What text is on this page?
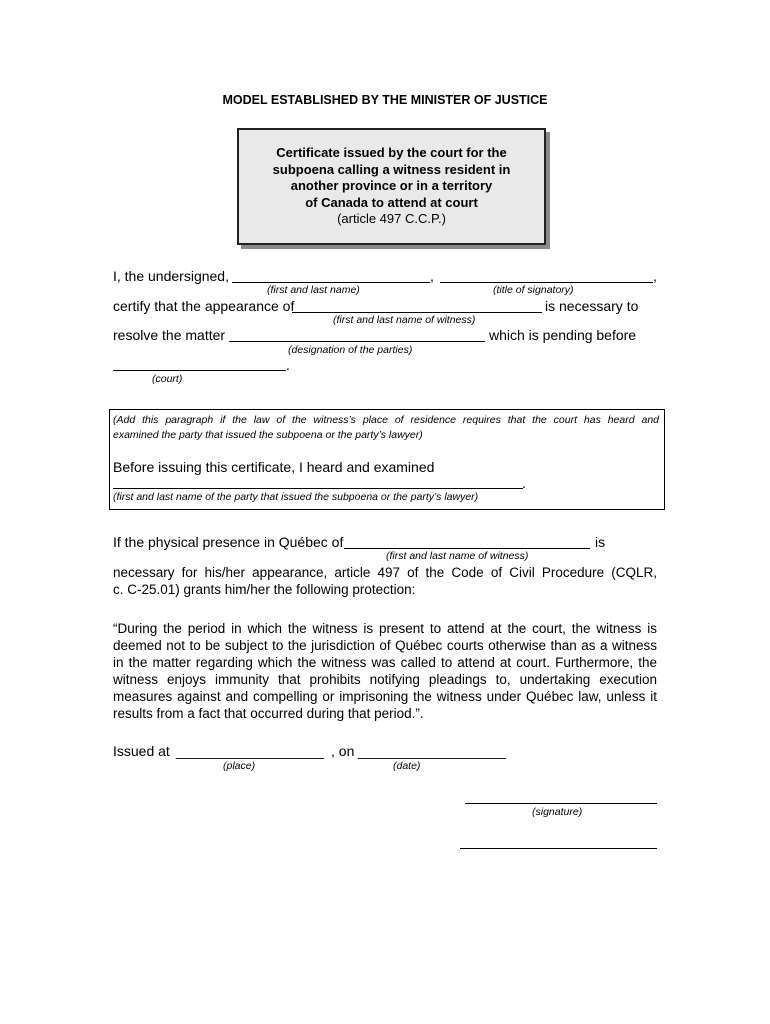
MODEL ESTABLISHED BY THE MINISTER OF JUSTICE
Certificate issued by the court for the
subpoena calling a witness resident in
another province or in a territory
of Canada to attend at court
(article 497 C.C.P.)
I, the undersigned,	,	,
(first and last name)	(title of signatory)
certify that the appearance of	is necessary to
(first and last name of witness)
resolve the matter	which is pending before
(designation of the parties)
.
(court)
(Add this paragraph if the law of the witness’s place of residence requires that the court has heard and
examined the party that issued the subpoena or the party’s lawyer)
Before issuing this certificate, I heard and examined
.
(first and last name of the party that issued the subpoena or the party’s lawyer)
If the physical presence in Québec of	is
(first and last name of witness)
necessary for his/her appearance, article 497 of the Code of Civil Procedure (CQLR,
c. C-25.01) grants him/her the following protection:
“During the period in which the witness is present to attend at the court, the witness is deemed not to be subject to the jurisdiction of Québec courts otherwise than as a witness in the matter regarding which the witness was called to attend at court. Furthermore, the witness enjoys immunity that prohibits notifying pleadings to, undertaking execution measures against and compelling or imprisoning the witness under Québec law, unless it results from a fact that occurred during that period.”.
Issued at ___________________ , on ___________________
(place)	(date)
(signature)
